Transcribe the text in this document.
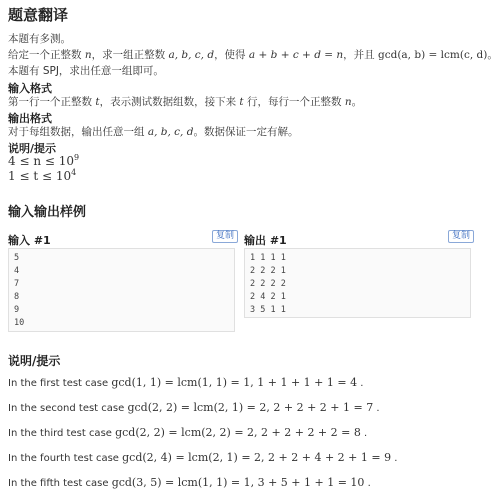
题意翻译
本题有多测。
给定一个正整数 n，求一组正整数 a, b, c, d，使得 a + b + c + d = n，并且 gcd(a, b) = lcm(c, d)。
本题有 SPJ，求出任意一组即可。
输入格式
第一行一个正整数 t，表示测试数据组数，接下来 t 行，每行一个正整数 n。
输出格式
对于每组数据，输出任意一组 a, b, c, d。数据保证一定有解。
说明/提示
$4 \le n \le 10^9$
$1 \le t \le 10^4$
输入输出样例
输入 #1	复制
5
4
7
8
9
10
输出 #1	复制
1 1 1 1
2 2 2 1
2 2 2 2
2 4 2 1
3 5 1 1
说明/提示
In the first test case gcd(1, 1) = lcm(1, 1) = 1, 1 + 1 + 1 + 1 = 4 .
In the second test case gcd(2, 2) = lcm(2, 1) = 2, 2 + 2 + 2 + 1 = 7 .
In the third test case gcd(2, 2) = lcm(2, 2) = 2, 2 + 2 + 2 + 2 = 8 .
In the fourth test case gcd(2, 4) = lcm(2, 1) = 2, 2 + 2 + 4 + 2 + 1 = 9 .
In the fifth test case gcd(3, 5) = lcm(1, 1) = 1, 3 + 5 + 1 + 1 = 10 .
